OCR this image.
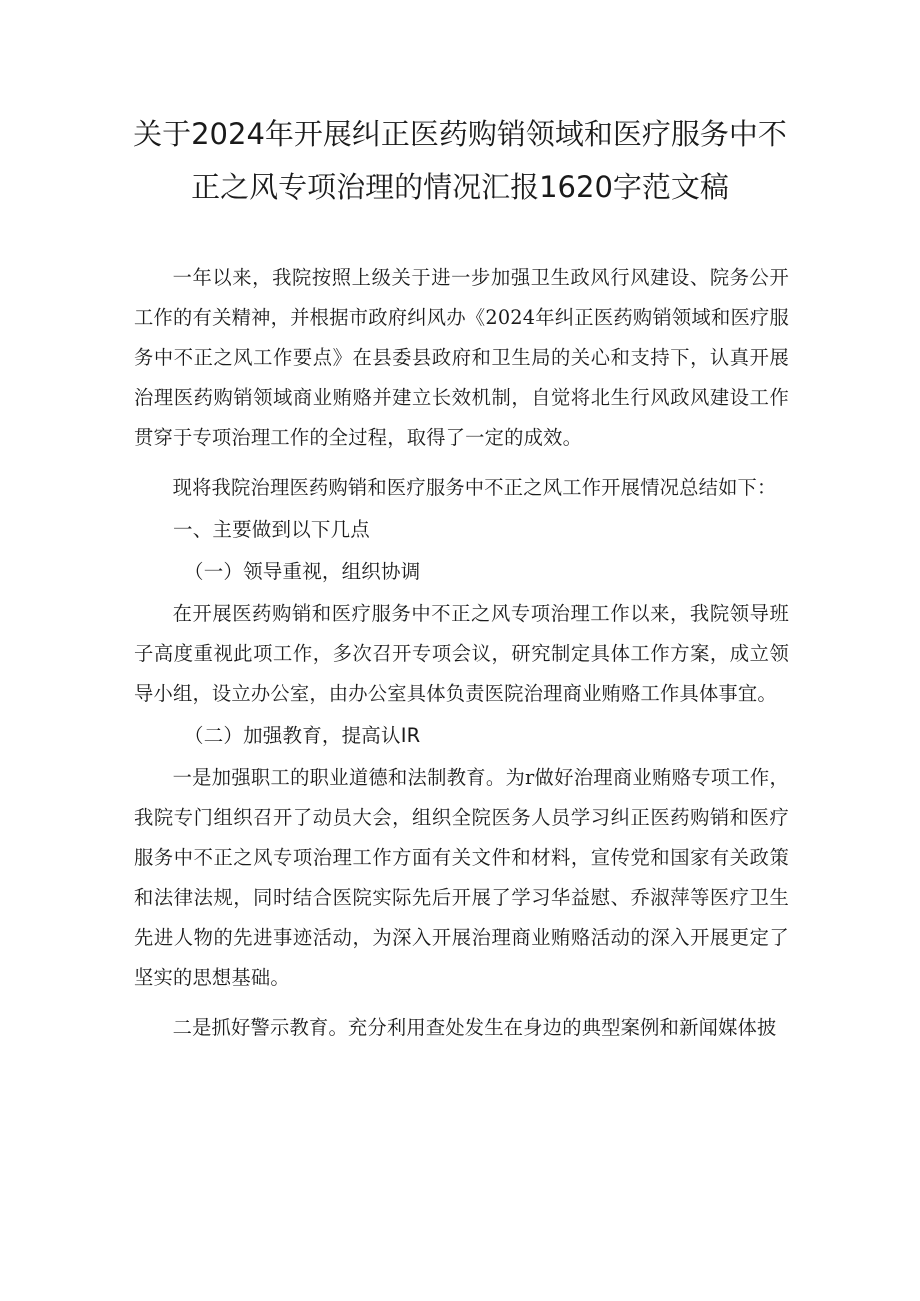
关于2024年开展纠正医药购销领域和医疗服务中不
正之风专项治理的情况汇报1620字范文稿

一年以来，我院按照上级关于进一步加强卫生政风行风建设、院务公开工作的有关精神，并根据市政府纠风办《2024年纠正医药购销领域和医疗服务中不正之风工作要点》在县委县政府和卫生局的关心和支持下，认真开展治理医药购销领域商业贿赂并建立长效机制，自觉将北生行风政风建设工作贯穿于专项治理工作的全过程，取得了一定的成效。

现将我院治理医药购销和医疗服务中不正之风工作开展情况总结如下：

一、主要做到以下几点

（一）领导重视，组织协调

在开展医药购销和医疗服务中不正之风专项治理工作以来，我院领导班子高度重视此项工作，多次召开专项会议，研究制定具体工作方案，成立领导小组，设立办公室，由办公室具体负责医院治理商业贿赂工作具体事宜。

（二）加强教育，提高认IR

一是加强职工的职业道德和法制教育。为r做好治理商业贿赂专项工作，我院专门组织召开了动员大会，组织全院医务人员学习纠正医药购销和医疗服务中不正之风专项治理工作方面有关文件和材料，宣传党和国家有关政策和法律法规，同时结合医院实际先后开展了学习华益慰、乔淑萍等医疗卫生先进人物的先进事迹活动，为深入开展治理商业贿赂活动的深入开展更定了坚实的思想基础。

二是抓好警示教育。充分利用查处发生在身边的典型案例和新闻媒体披
